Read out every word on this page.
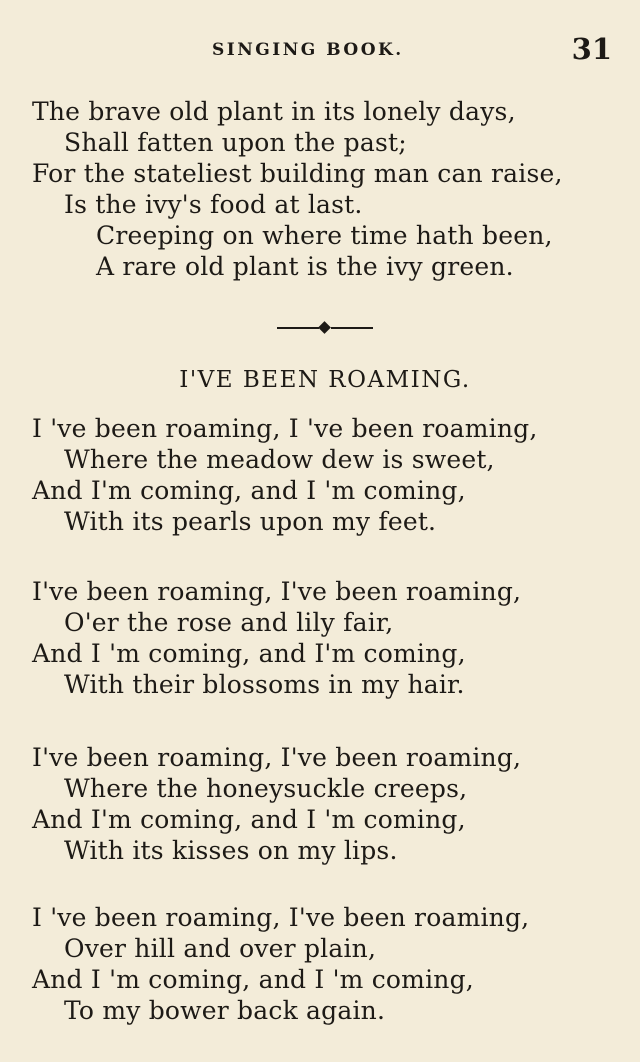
SINGING BOOK.	31
The brave old plant in its lonely days,
Shall fatten upon the past;
For the stateliest building man can raise,
Is the ivy's food at last.
Creeping on where time hath been,
A rare old plant is the ivy green.
I'VE BEEN ROAMING.
I 've been roaming, I 've been roaming,
Where the meadow dew is sweet,
And I'm coming, and I 'm coming,
With its pearls upon my feet.
I've been roaming, I've been roaming,
O'er the rose and lily fair,
And I 'm coming, and I'm coming,
With their blossoms in my hair.
I've been roaming, I've been roaming,
Where the honeysuckle creeps,
And I'm coming, and I 'm coming,
With its kisses on my lips.
I 've been roaming, I've been roaming,
Over hill and over plain,
And I 'm coming, and I 'm coming,
To my bower back again.
